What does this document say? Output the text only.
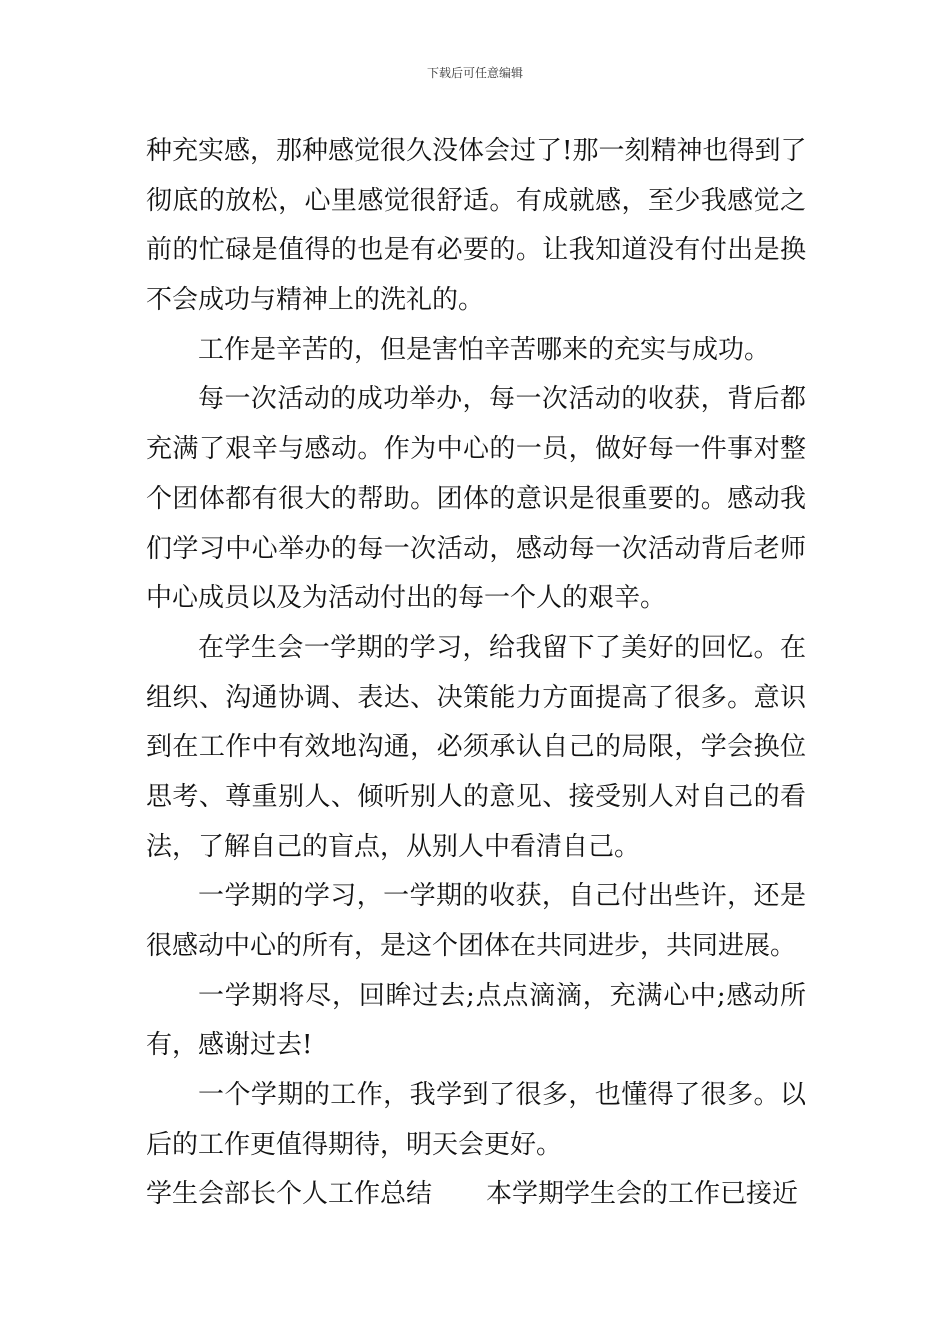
下载后可任意编辑
种充实感，那种感觉很久没体会过了!那一刻精神也得到了
彻底的放松，心里感觉很舒适。有成就感，至少我感觉之
前的忙碌是值得的也是有必要的。让我知道没有付出是换
不会成功与精神上的洗礼的。
工作是辛苦的，但是害怕辛苦哪来的充实与成功。
每一次活动的成功举办，每一次活动的收获，背后都
充满了艰辛与感动。作为中心的一员，做好每一件事对整
个团体都有很大的帮助。团体的意识是很重要的。感动我
们学习中心举办的每一次活动，感动每一次活动背后老师
中心成员以及为活动付出的每一个人的艰辛。
在学生会一学期的学习，给我留下了美好的回忆。在
组织、沟通协调、表达、决策能力方面提高了很多。意识
到在工作中有效地沟通，必须承认自己的局限，学会换位
思考、尊重别人、倾听别人的意见、接受别人对自己的看
法，了解自己的盲点，从别人中看清自己。
一学期的学习，一学期的收获，自己付出些许，还是
很感动中心的所有，是这个团体在共同进步，共同进展。
一学期将尽，回眸过去;点点滴滴，充满心中;感动所
有，感谢过去!
一个学期的工作，我学到了很多，也懂得了很多。以
后的工作更值得期待，明天会更好。
学生会部长个人工作总结 本学期学生会的工作已接近
